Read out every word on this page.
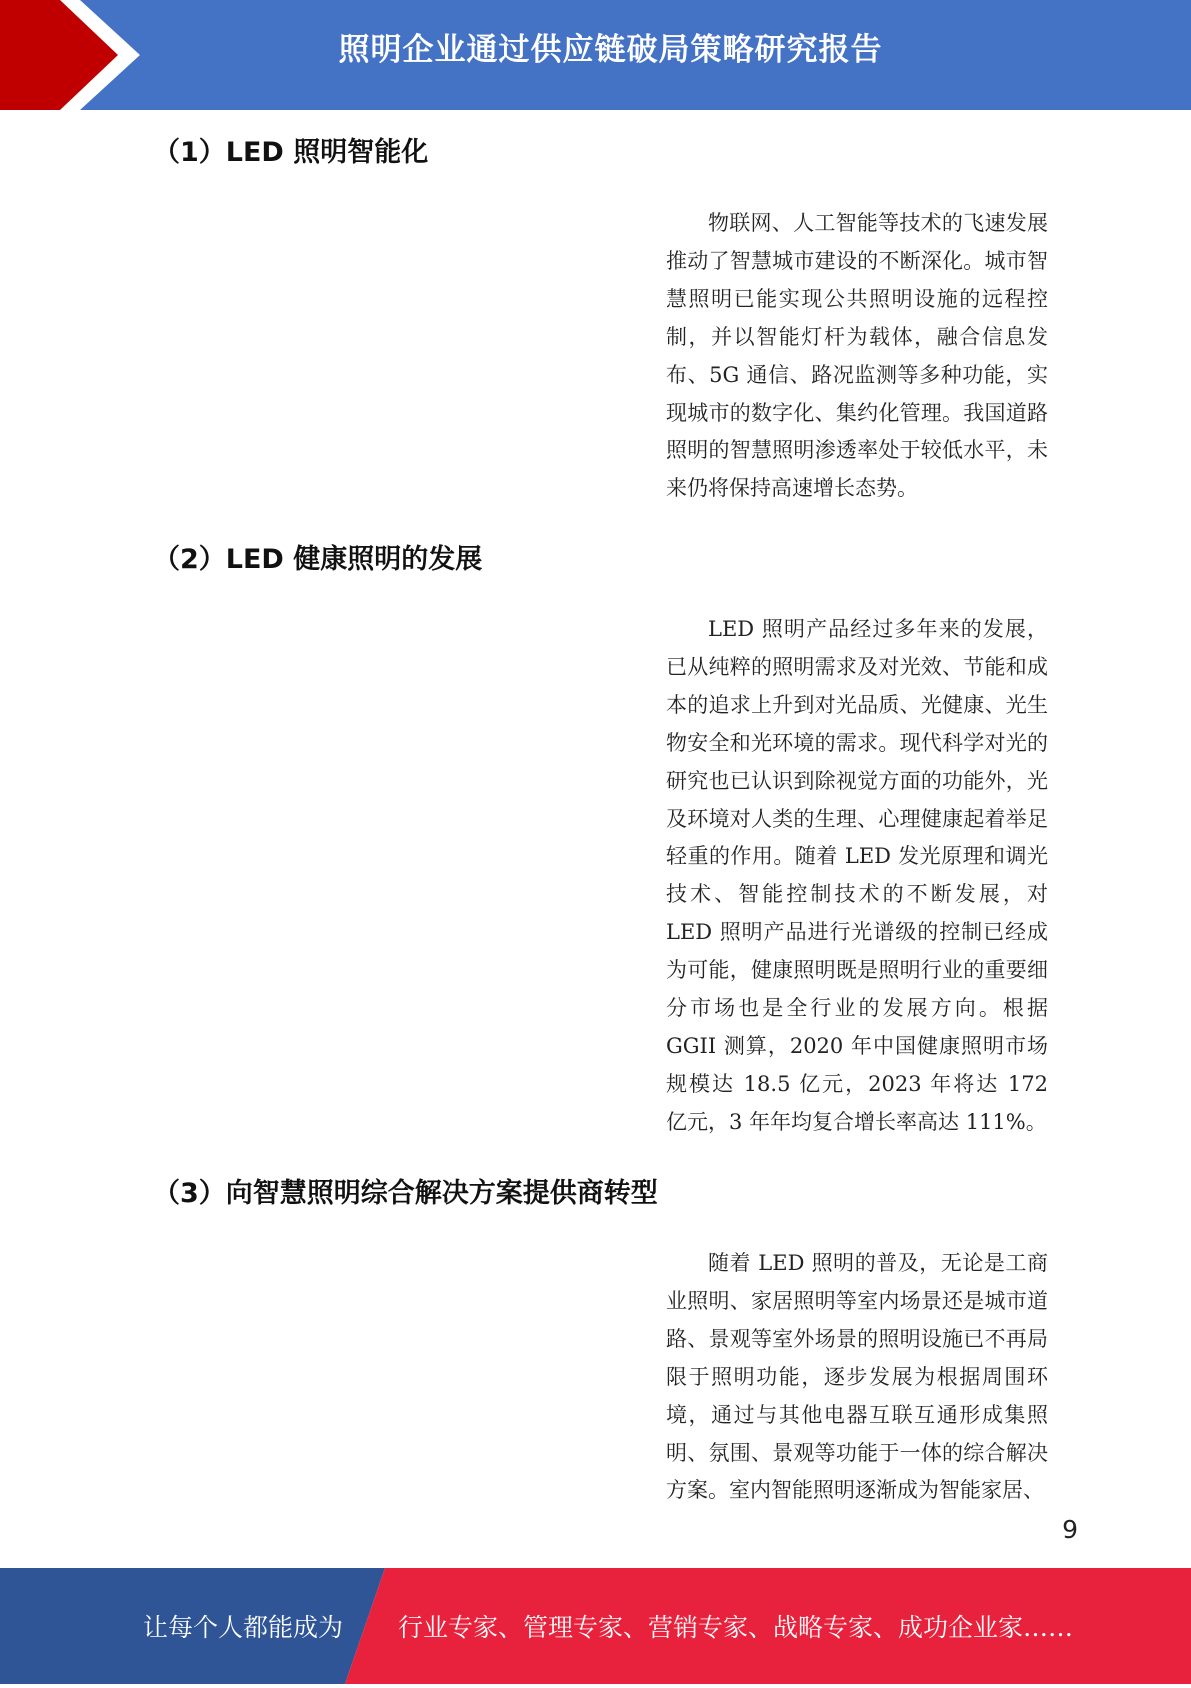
照明企业通过供应链破局策略研究报告
（1）LED 照明智能化

物联网、人工智能等技术的飞速发展推动了智慧城市建设的不断深化。城市智慧照明已能实现公共照明设施的远程控制，并以智能灯杆为载体，融合信息发布、5G 通信、路况监测等多种功能，实现城市的数字化、集约化管理。我国道路照明的智慧照明渗透率处于较低水平，未来仍将保持高速增长态势。

（2）LED 健康照明的发展

LED 照明产品经过多年来的发展，已从纯粹的照明需求及对光效、节能和成本的追求上升到对光品质、光健康、光生物安全和光环境的需求。现代科学对光的研究也已认识到除视觉方面的功能外，光及环境对人类的生理、心理健康起着举足轻重的作用。随着 LED 发光原理和调光技术、智能控制技术的不断发展，对 LED 照明产品进行光谱级的控制已经成为可能，健康照明既是照明行业的重要细分市场也是全行业的发展方向。根据 GGII 测算，2020 年中国健康照明市场规模达 18.5 亿元，2023 年将达 172 亿元，3 年年均复合增长率高达 111%。

（3）向智慧照明综合解决方案提供商转型

随着 LED 照明的普及，无论是工商业照明、家居照明等室内场景还是城市道路、景观等室外场景的照明设施已不再局限于照明功能，逐步发展为根据周围环境，通过与其他电器互联互通形成集照明、氛围、景观等功能于一体的综合解决方案。室内智能照明逐渐成为智能家居、

9
让每个人都能成为 行业专家、管理专家、营销专家、战略专家、成功企业家……
